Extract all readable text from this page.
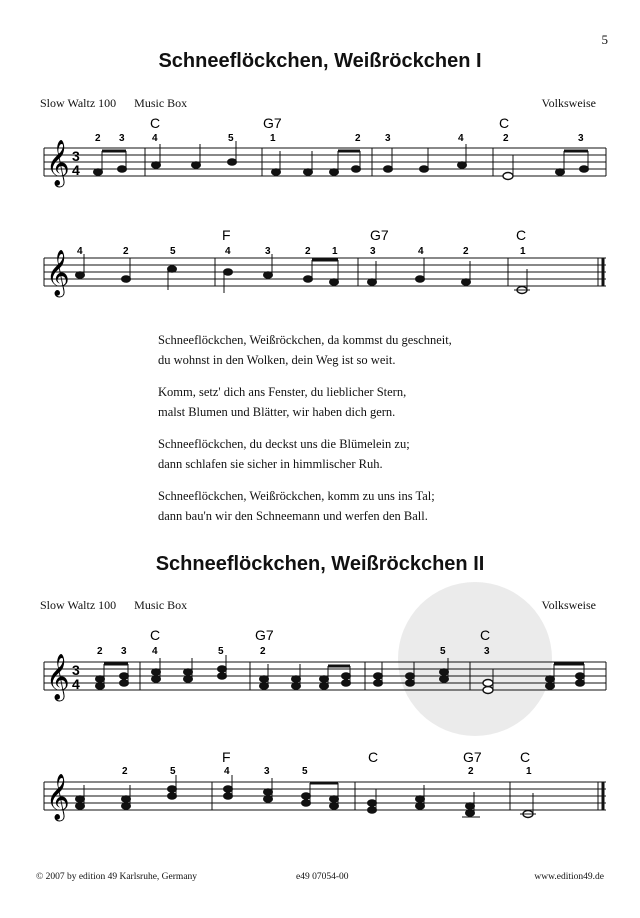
5
Schneeflöckchen, Weißröckchen I
Slow Waltz 100 Music Box	Volksweise
C	G7	C
2 3	4	5	1	2 3	4	2	3
𝄞 3
4
F	G7	C
4	2	5	4	3	2 1	3	4	2	1
𝄞

Schneeflöckchen, Weißröckchen, da kommst du geschneit,
du wohnst in den Wolken, dein Weg ist so weit.

Komm, setz' dich ans Fenster, du lieblicher Stern,
malst Blumen und Blätter, wir haben dich gern.

Schneeflöckchen, du deckst uns die Blümelein zu;
dann schlafen sie sicher in himmlischer Ruh.

Schneeflöckchen, Weißröckchen, komm zu uns ins Tal;
dann bau'n wir den Schneemann und werfen den Ball.

Schneeflöckchen, Weißröckchen II
Slow Waltz 100 Music Box	Volksweise
C	G7	C
2 3	4	5	2	5	3
𝄞 3
4
F	C	G7	C
2	5	4	3	5	2	1
𝄞
© 2007 by edition 49 Karlsruhe, Germany	e49 07054-00	www.edition49.de
